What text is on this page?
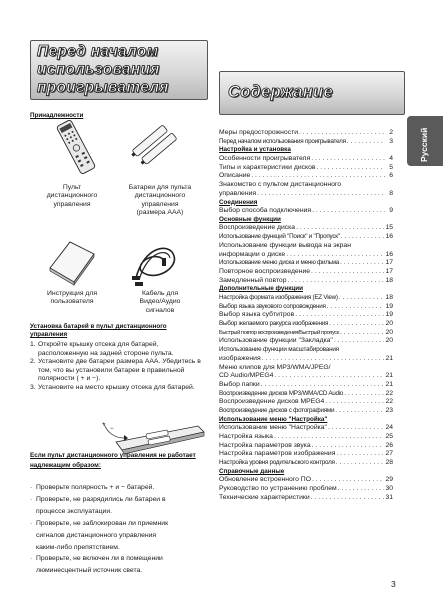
Перед началом
использования
проигрывателя	Содержание
Русский
Принадлежности
Пульт
дистанционного
управления
Батареи для пульта
дистанционного
управления
(размера AAA)
Инструкция для
пользователя
Кабель для
Видео/Аудио
сигналов
Установка батарей в пульт дистанционного
управления
1. Откройте крышку отсека для батарей, расположенную на задней стороне пульта.
2. Установите две батареи размера AAA. Убедитесь в том, что вы установили батареи в правильной полярности ( + и −).
3. Установите на место крышку отсека для батарей.
+
−
Если пульт дистанционного управления не работает
надлежащим образом:
· Проверьте полярность + и − батарей.
· Проверьте, не разрядились ли батареи в
процессе эксплуатации.
· Проверьте, не заблокирован ли приемник
сигналов дистанционного управления
каким-либо препятствием.
· Проверьте, не включен ли в помещении
люминесцентный источник света.
Меры предосторожности . . .	2
Перед началом использования проигрывателя . . .	3
Настройка и установка
Особенности проигрывателя . . .	4
Типы и характеристики дисков . . .	5
Описание . . .	6
Знакомство с пультом дистанционного
управления . . .	8
Соединения
Выбор способа подключения . . .	9
Основные функции
Воспроизведение диска . . .	15
Использование функций "Поиск" и "Пропуск" . . .	16
Использование функции вывода на экран
информации о диске . . .	16
Использование меню диска и меню фильма . . .	17
Повторное воспроизведение . . .	17
Замедленный повтор . . .	18
Дополнительные функции
Настройка формата изображения (EZ View) . . .	18
Выбор языка звукового сопровождения . . .	19
Выбор языка субтитров . . .	19
Выбор желаемого ракурса изображения . . .	20
Быстрый повтор воспроизведения/Быстрый пропуск . . .	20
Использование функции "Закладка" . . .	20
Использование функции масштабирования
изображения . . .	21
Меню клипов для MP3/WMA/JPEG/
CD Audio/MPEG4 . . .	21
Выбор папки . . .	21
Воспроизведение дисков MP3/WMA/CD Audio . . .	22
Воспроизведение дисков MPEG4 . . .	22
Воспроизведение дисков с фотографиями . . .	23
Использование меню "Настройка"
Использование меню "Настройка" . . .	24
Настройка языка . . .	25
Настройка параметров звука . . .	26
Настройка параметров изображения . . .	27
Настройка уровня родительского контроля . . .	28
Справочные данные
Обновление встроенного ПО . . .	29
Руководство по устранению проблем . . .	30
Технические характеристики . . .	31
3
